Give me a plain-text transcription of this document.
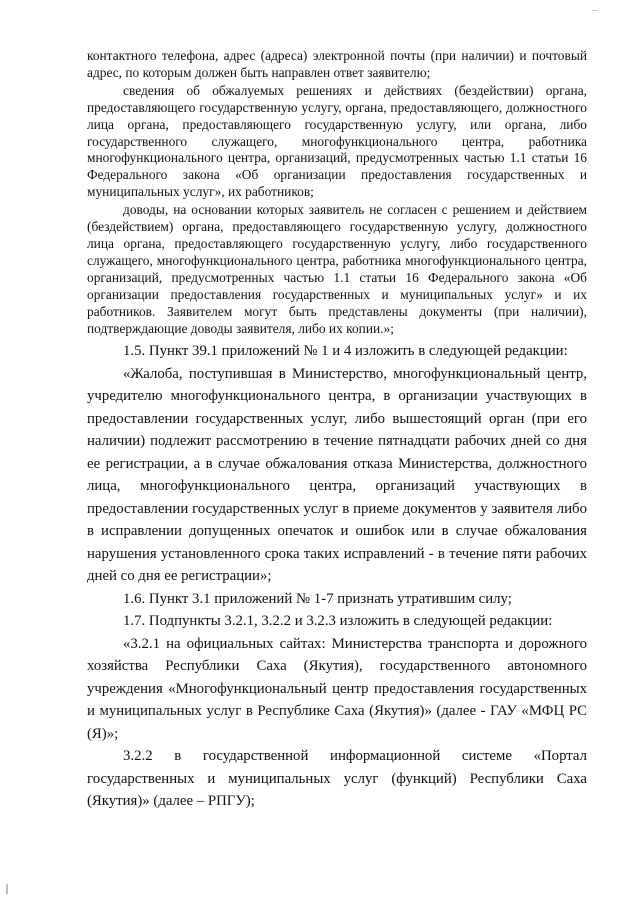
контактного телефона, адрес (адреса) электронной почты (при наличии) и почтовый адрес, по которым должен быть направлен ответ заявителю;

сведения об обжалуемых решениях и действиях (бездействии) органа, предоставляющего государственную услугу, органа, предоставляющего, должностного лица органа, предоставляющего государственную услугу, или органа, либо государственного служащего, многофункционального центра, работника многофункционального центра, организаций, предусмотренных частью 1.1 статьи 16 Федерального закона «Об организации предоставления государственных и муниципальных услуг», их работников;

доводы, на основании которых заявитель не согласен с решением и действием (бездействием) органа, предоставляющего государственную услугу, должностного лица органа, предоставляющего государственную услугу, либо государственного служащего, многофункционального центра, работника многофункционального центра, организаций, предусмотренных частью 1.1 статьи 16 Федерального закона «Об организации предоставления государственных и муниципальных услуг» и их работников. Заявителем могут быть представлены документы (при наличии), подтверждающие доводы заявителя, либо их копии.»;

1.5. Пункт 39.1 приложений № 1 и 4 изложить в следующей редакции:

«Жалоба, поступившая в Министерство, многофункциональный центр, учредителю многофункционального центра, в организации участвующих в предоставлении государственных услуг, либо вышестоящий орган (при его наличии) подлежит рассмотрению в течение пятнадцати рабочих дней со дня ее регистрации, а в случае обжалования отказа Министерства, должностного лица, многофункционального центра, организаций участвующих в предоставлении государственных услуг в приеме документов у заявителя либо в исправлении допущенных опечаток и ошибок или в случае обжалования нарушения установленного срока таких исправлений - в течение пяти рабочих дней со дня ее регистрации»;

1.6. Пункт 3.1 приложений № 1-7 признать утратившим силу;

1.7. Подпункты 3.2.1, 3.2.2 и 3.2.3 изложить в следующей редакции:

«3.2.1 на официальных сайтах: Министерства транспорта и дорожного хозяйства Республики Саха (Якутия), государственного автономного учреждения «Многофункциональный центр предоставления государственных и муниципальных услуг в Республике Саха (Якутия)» (далее - ГАУ «МФЦ РС (Я)»;

3.2.2 в государственной информационной системе «Портал государственных и муниципальных услуг (функций) Республики Саха (Якутия)» (далее – РПГУ);
